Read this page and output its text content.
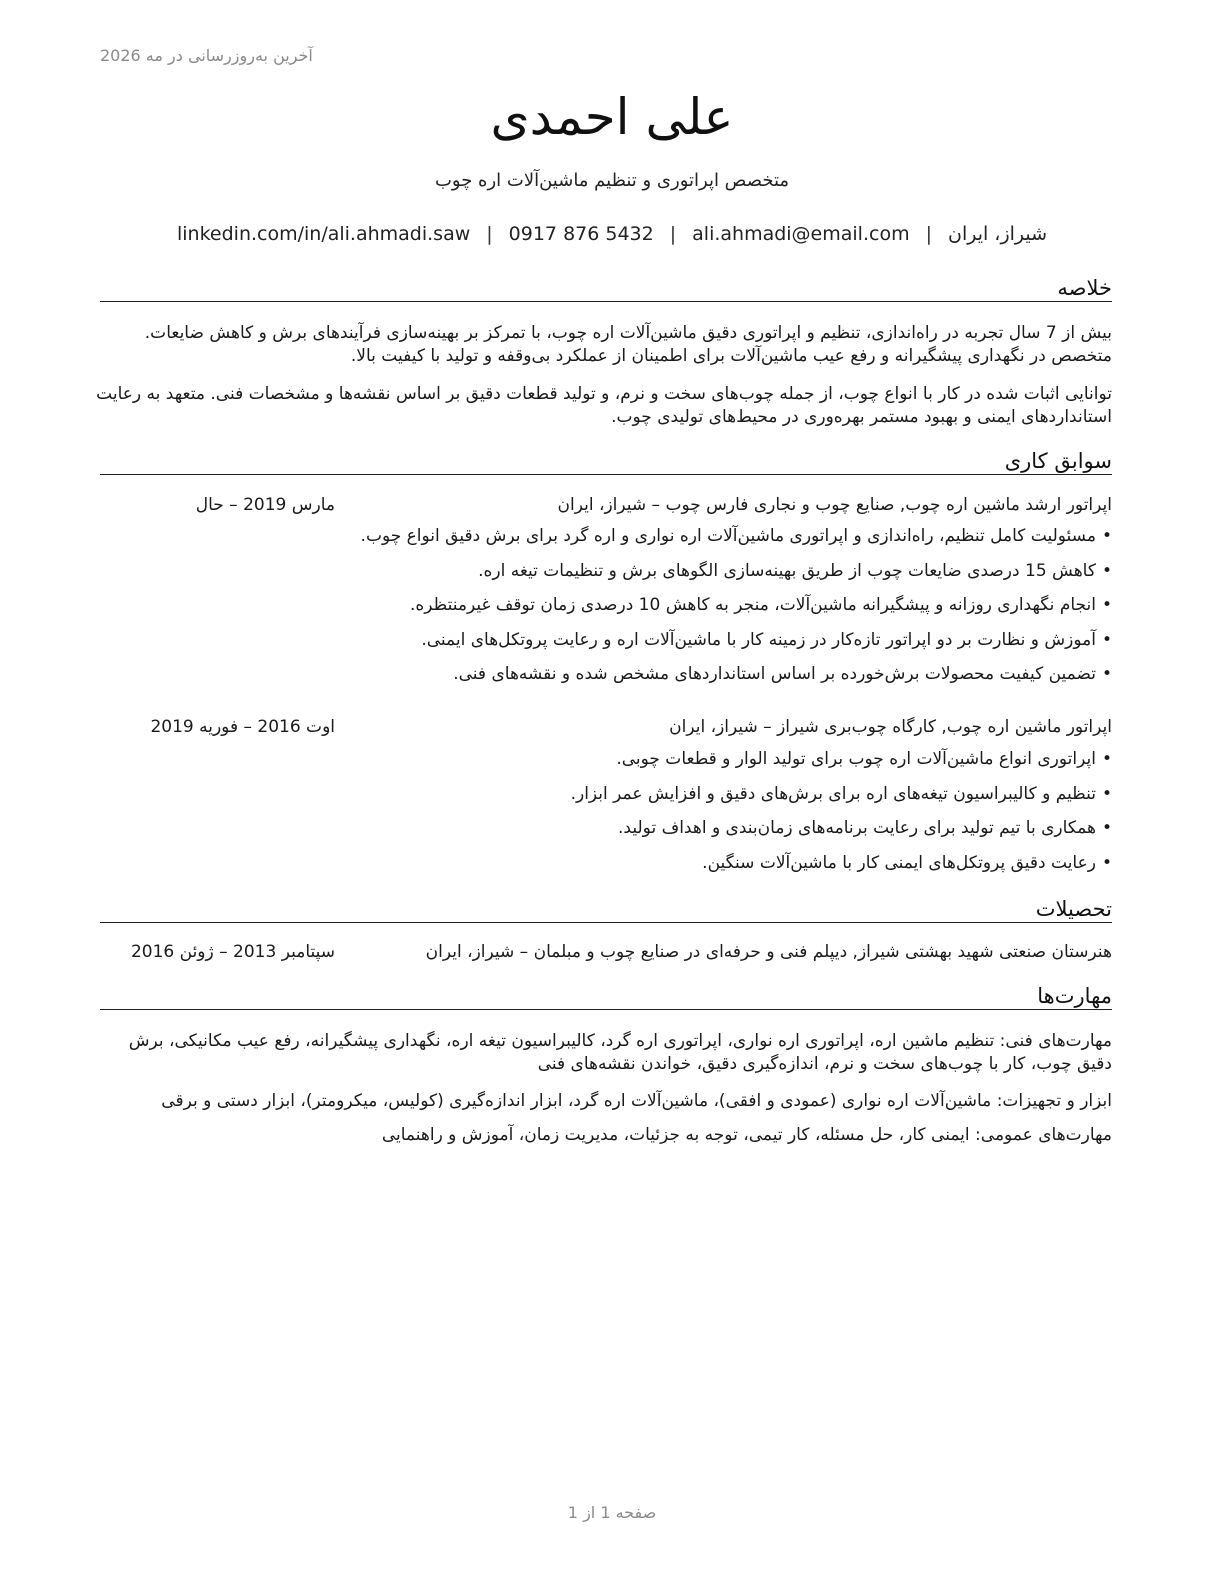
آخرین به‌روزرسانی در مه 2026
علی احمدی
متخصص اپراتوری و تنظیم ماشین‌آلات اره چوب
شیراز، ایران
|
ali.ahmadi@email.com
|
0917 876 5432
|
linkedin.com/in/ali.ahmadi.saw
خلاصه
بیش از 7 سال تجربه در راه‌اندازی، تنظیم و اپراتوری دقیق ماشین‌آلات اره چوب، با تمرکز بر بهینه‌سازی فرآیندهای برش و کاهش ضایعات. متخصص در نگهداری پیشگیرانه و رفع عیب ماشین‌آلات برای اطمینان از عملکرد بی‌وقفه و تولید با کیفیت بالا.
توانایی اثبات شده در کار با انواع چوب، از جمله چوب‌های سخت و نرم، و تولید قطعات دقیق بر اساس نقشه‌ها و مشخصات فنی. متعهد به رعایت استانداردهای ایمنی و بهبود مستمر بهره‌وری در محیط‌های تولیدی چوب.
سوابق کاری
اپراتور ارشد ماشین اره چوب, صنایع چوب و نجاری فارس چوب – شیراز، ایران
مارس 2019 – حال
•مسئولیت کامل تنظیم، راه‌اندازی و اپراتوری ماشین‌آلات اره نواری و اره گرد برای برش دقیق انواع چوب.
•کاهش 15 درصدی ضایعات چوب از طریق بهینه‌سازی الگوهای برش و تنظیمات تیغه اره.
•انجام نگهداری روزانه و پیشگیرانه ماشین‌آلات، منجر به کاهش 10 درصدی زمان توقف غیرمنتظره.
•آموزش و نظارت بر دو اپراتور تازه‌کار در زمینه کار با ماشین‌آلات اره و رعایت پروتکل‌های ایمنی.
•تضمین کیفیت محصولات برش‌خورده بر اساس استانداردهای مشخص شده و نقشه‌های فنی.
اپراتور ماشین اره چوب, کارگاه چوب‌بری شیراز – شیراز، ایران
اوت 2016 – فوریه 2019
•اپراتوری انواع ماشین‌آلات اره چوب برای تولید الوار و قطعات چوبی.
•تنظیم و کالیبراسیون تیغه‌های اره برای برش‌های دقیق و افزایش عمر ابزار.
•همکاری با تیم تولید برای رعایت برنامه‌های زمان‌بندی و اهداف تولید.
•رعایت دقیق پروتکل‌های ایمنی کار با ماشین‌آلات سنگین.
تحصیلات
هنرستان صنعتی شهید بهشتی شیراز, دیپلم فنی و حرفه‌ای در صنایع چوب و مبلمان – شیراز، ایران
سپتامبر 2013 – ژوئن 2016
مهارت‌ها
مهارت‌های فنی: تنظیم ماشین اره، اپراتوری اره نواری، اپراتوری اره گرد، کالیبراسیون تیغه اره، نگهداری پیشگیرانه، رفع عیب مکانیکی، برش دقیق چوب، کار با چوب‌های سخت و نرم، اندازه‌گیری دقیق، خواندن نقشه‌های فنی
ابزار و تجهیزات: ماشین‌آلات اره نواری (عمودی و افقی)، ماشین‌آلات اره گرد، ابزار اندازه‌گیری (کولیس، میکرومتر)، ابزار دستی و برقی
مهارت‌های عمومی: ایمنی کار، حل مسئله، کار تیمی، توجه به جزئیات، مدیریت زمان، آموزش و راهنمایی
صفحه 1 از 1
